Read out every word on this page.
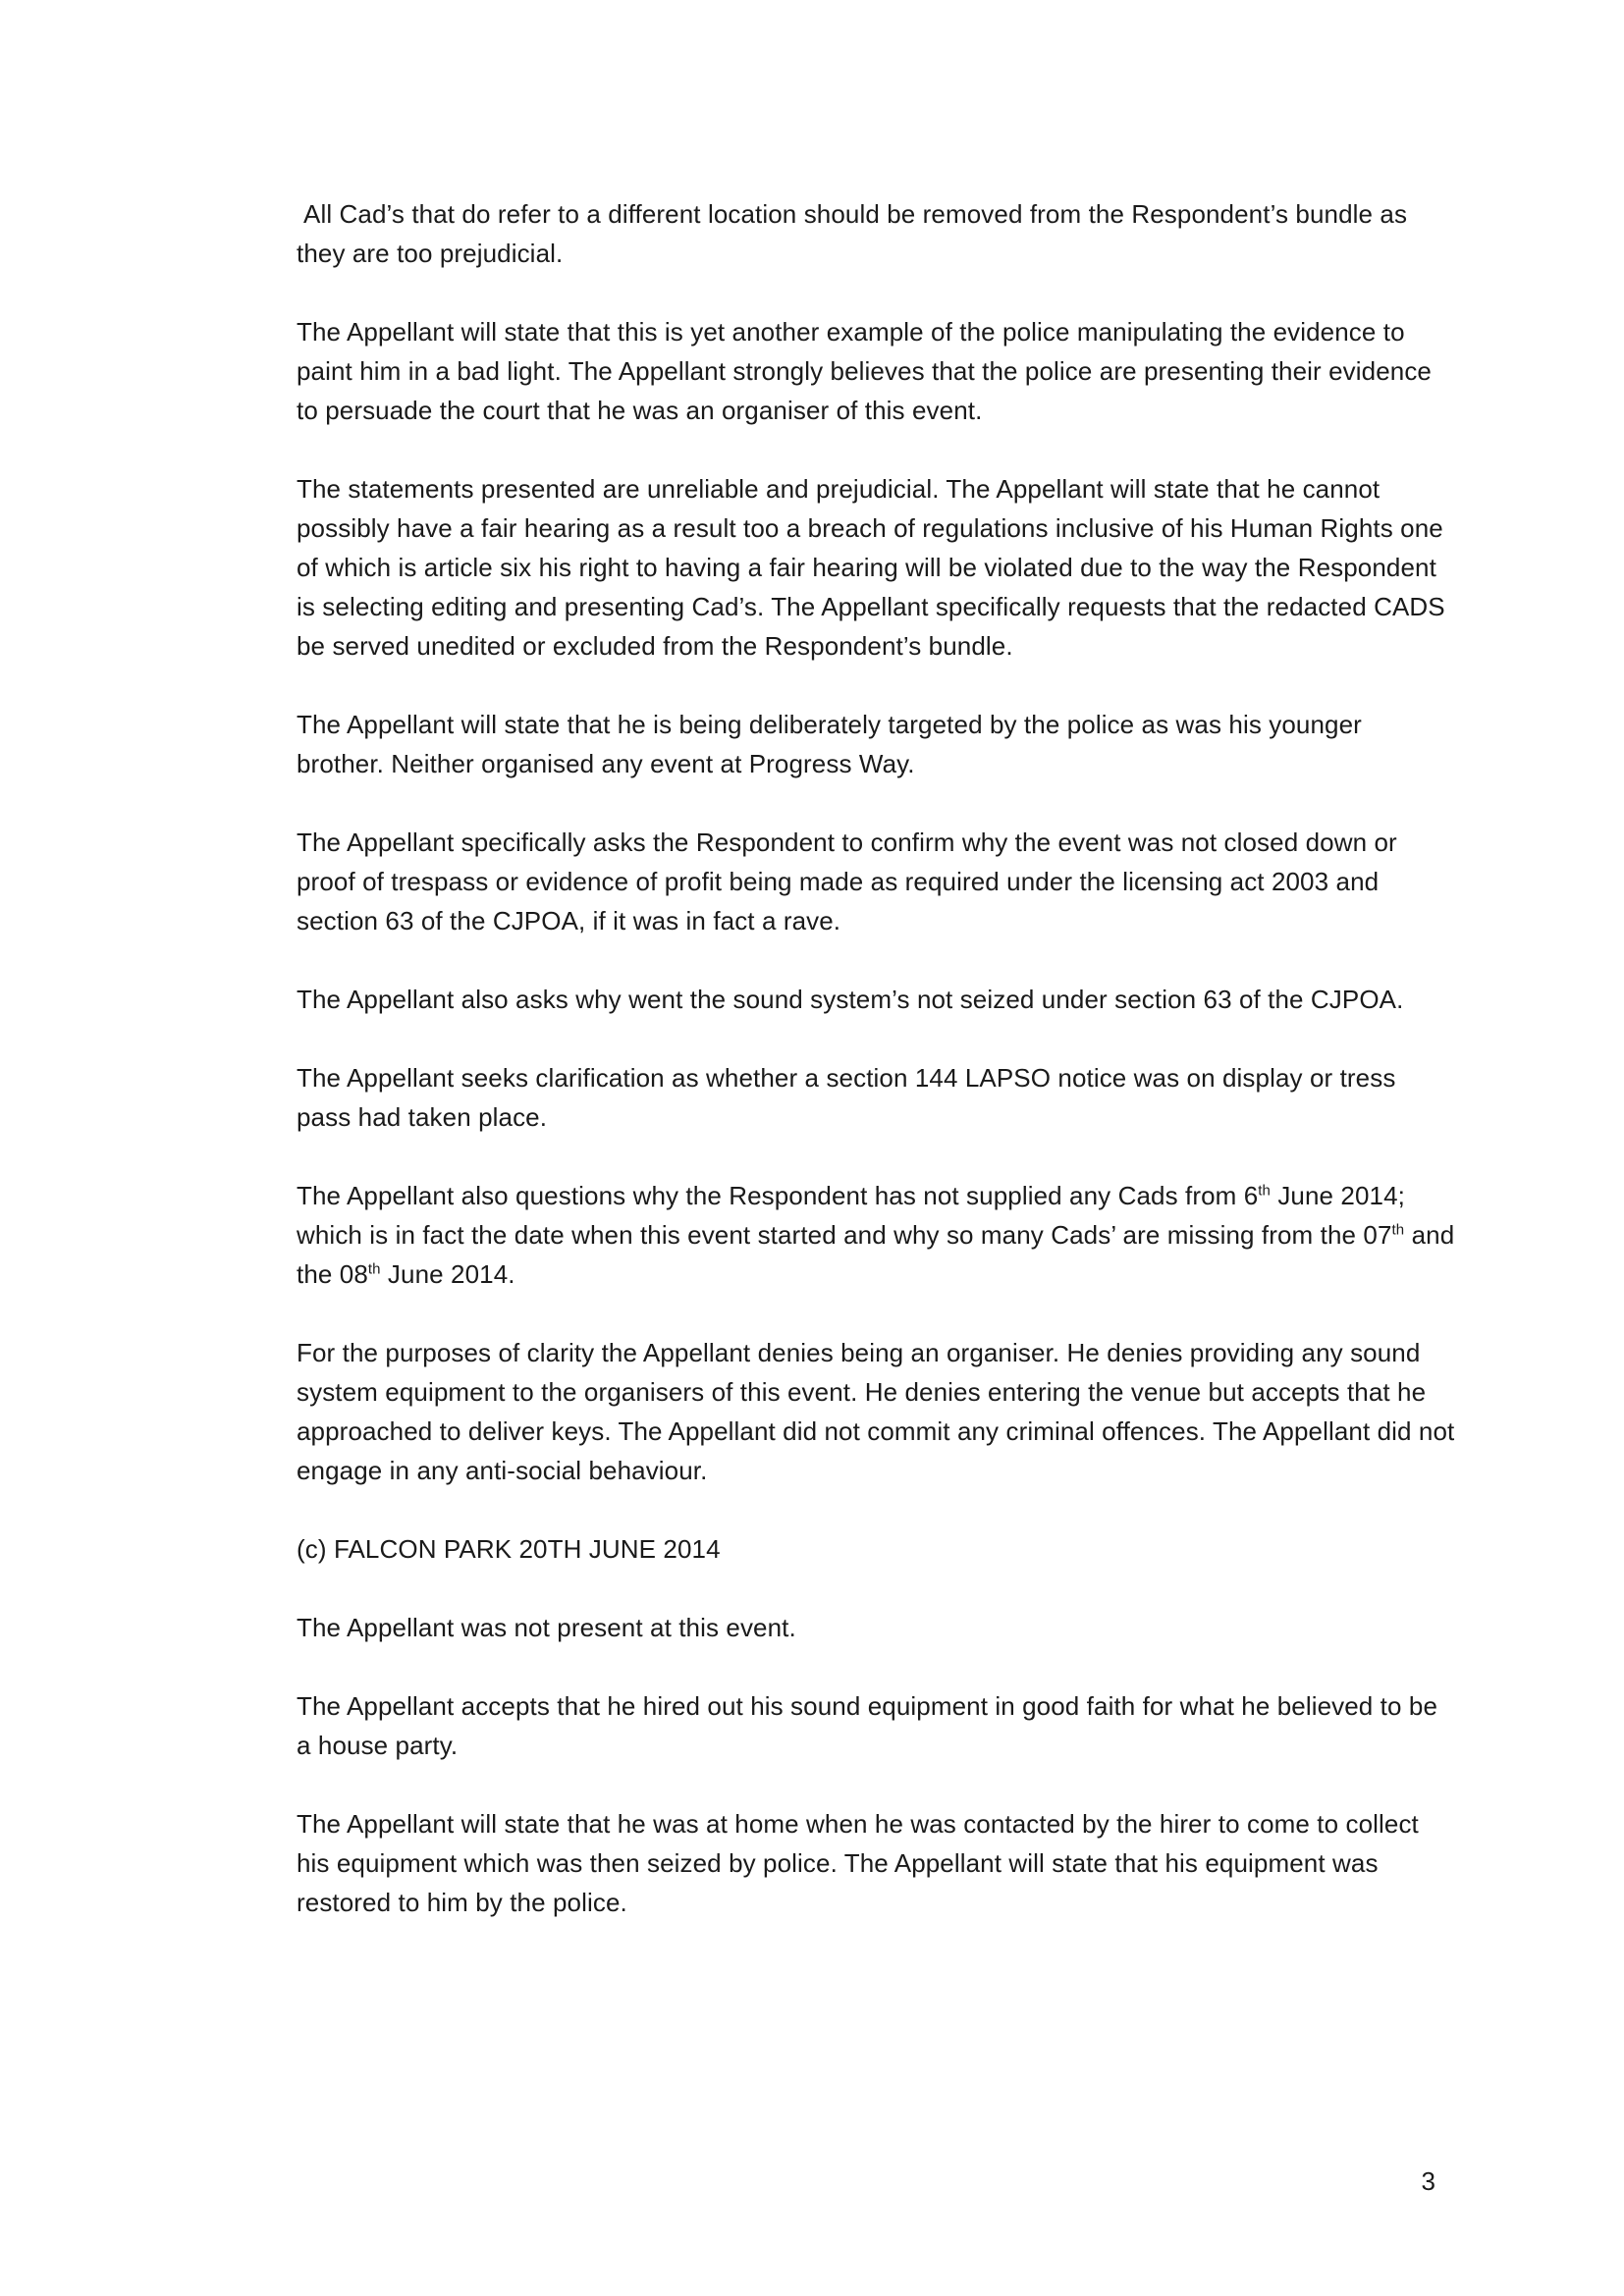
All Cad’s that do refer to a different location should be removed from the Respondent’s bundle as they are too prejudicial.

The Appellant will state that this is yet another example of the police manipulating the evidence to paint him in a bad light. The Appellant strongly believes that the police are presenting their evidence to persuade the court that he was an organiser of this event.

The statements presented are unreliable and prejudicial. The Appellant will state that he cannot possibly have a fair hearing as a result too a breach of regulations inclusive of his Human Rights one of which is article six his right to having a fair hearing will be violated due to the way the Respondent is selecting editing and presenting Cad’s. The Appellant specifically requests that the redacted CADS be served unedited or excluded from the Respondent’s bundle.

The Appellant will state that he is being deliberately targeted by the police as was his younger brother. Neither organised any event at Progress Way.

The Appellant specifically asks the Respondent to confirm why the event was not closed down or proof of trespass or evidence of profit being made as required under the licensing act 2003 and section 63 of the CJPOA, if it was in fact a rave.

The Appellant also asks why went the sound system’s not seized under section 63 of the CJPOA.

The Appellant seeks clarification as whether a section 144 LAPSO notice was on display or tress pass had taken place.

The Appellant also questions why the Respondent has not supplied any Cads from 6th June 2014; which is in fact the date when this event started and why so many Cads’ are missing from the 07th and the 08th June 2014.

For the purposes of clarity the Appellant denies being an organiser. He denies providing any sound system equipment to the organisers of this event. He denies entering the venue but accepts that he approached to deliver keys. The Appellant did not commit any criminal offences. The Appellant did not engage in any anti-social behaviour.

(c) FALCON PARK 20TH JUNE 2014

The Appellant was not present at this event.

The Appellant accepts that he hired out his sound equipment in good faith for what he believed to be a house party.

The Appellant will state that he was at home when he was contacted by the hirer to come to collect his equipment which was then seized by police. The Appellant will state that his equipment was restored to him by the police.

3
